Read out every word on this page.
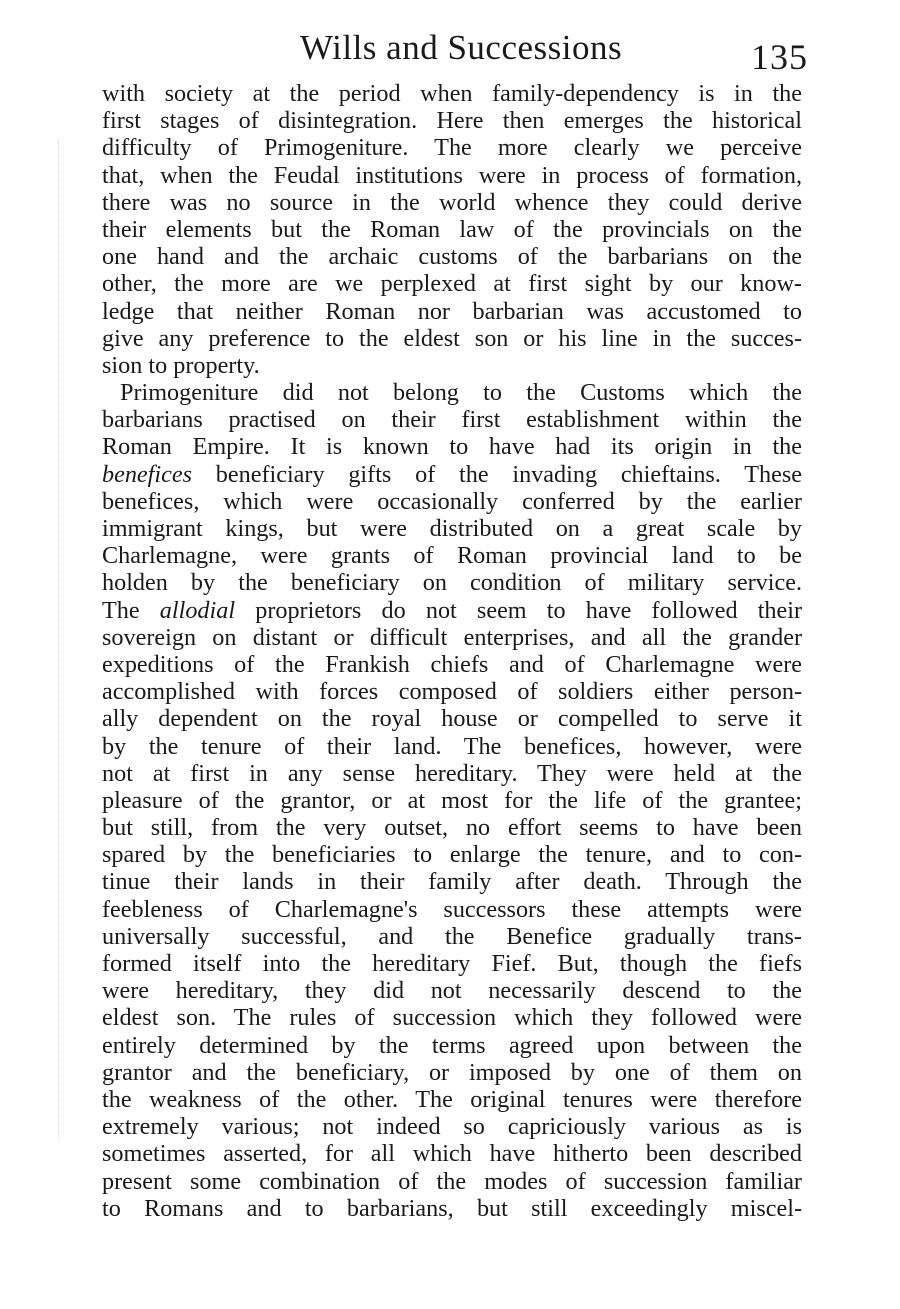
Wills and Successions	135
with society at the period when family-dependency is in the
first stages of disintegration. Here then emerges the historical
difficulty of Primogeniture. The more clearly we perceive
that, when the Feudal institutions were in process of formation,
there was no source in the world whence they could derive
their elements but the Roman law of the provincials on the
one hand and the archaic customs of the barbarians on the
other, the more are we perplexed at first sight by our know-
ledge that neither Roman nor barbarian was accustomed to
give any preference to the eldest son or his line in the succes-
sion to property.
Primogeniture did not belong to the Customs which the
barbarians practised on their first establishment within the
Roman Empire. It is known to have had its origin in the
benefices beneficiary gifts of the invading chieftains. These
benefices, which were occasionally conferred by the earlier
immigrant kings, but were distributed on a great scale by
Charlemagne, were grants of Roman provincial land to be
holden by the beneficiary on condition of military service.
The allodial proprietors do not seem to have followed their
sovereign on distant or difficult enterprises, and all the grander
expeditions of the Frankish chiefs and of Charlemagne were
accomplished with forces composed of soldiers either person-
ally dependent on the royal house or compelled to serve it
by the tenure of their land. The benefices, however, were
not at first in any sense hereditary. They were held at the
pleasure of the grantor, or at most for the life of the grantee;
but still, from the very outset, no effort seems to have been
spared by the beneficiaries to enlarge the tenure, and to con-
tinue their lands in their family after death. Through the
feebleness of Charlemagne's successors these attempts were
universally successful, and the Benefice gradually trans-
formed itself into the hereditary Fief. But, though the fiefs
were hereditary, they did not necessarily descend to the
eldest son. The rules of succession which they followed were
entirely determined by the terms agreed upon between the
grantor and the beneficiary, or imposed by one of them on
the weakness of the other. The original tenures were therefore
extremely various; not indeed so capriciously various as is
sometimes asserted, for all which have hitherto been described
present some combination of the modes of succession familiar
to Romans and to barbarians, but still exceedingly miscel-
